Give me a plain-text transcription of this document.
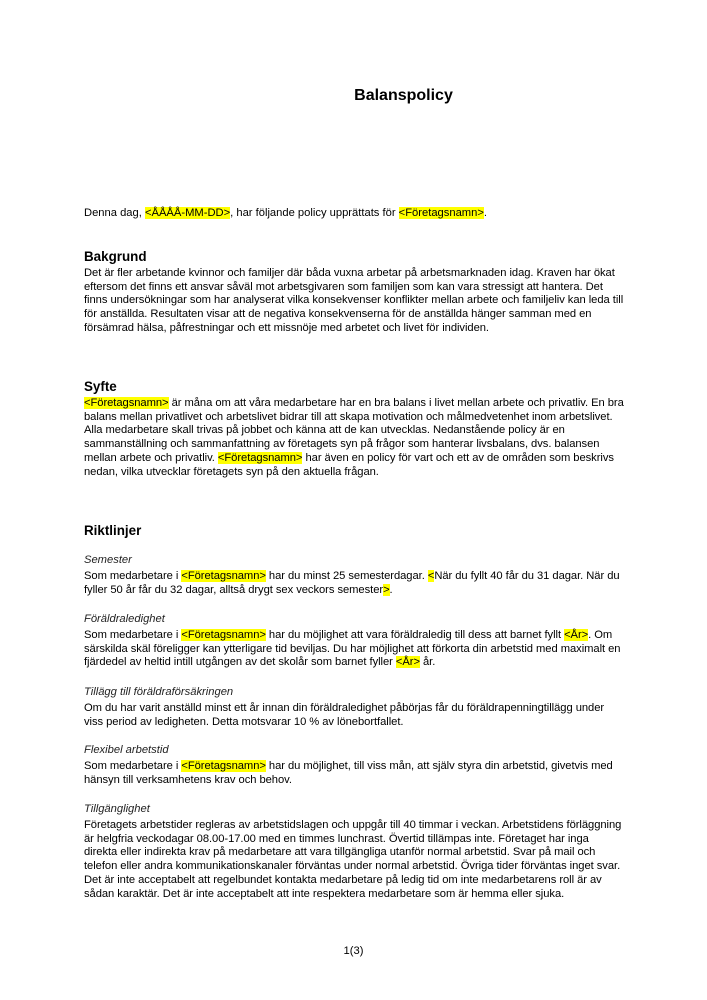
Balanspolicy
Denna dag, <ÅÅÅÅ-MM-DD>, har följande policy upprättats för <Företagsnamn>.
Bakgrund

Det är fler arbetande kvinnor och familjer där båda vuxna arbetar på arbetsmarknaden idag. Kraven har ökat eftersom det finns ett ansvar såväl mot arbetsgivaren som familjen som kan vara stressigt att hantera. Det finns undersökningar som har analyserat vilka konsekvenser konflikter mellan arbete och familjeliv kan leda till för anställda. Resultaten visar att de negativa konsekvenserna för de anställda hänger samman med en försämrad hälsa, påfrestningar och ett missnöje med arbetet och livet för individen.

Syfte

<Företagsnamn> är måna om att våra medarbetare har en bra balans i livet mellan arbete och privatliv. En bra balans mellan privatlivet och arbetslivet bidrar till att skapa motivation och målmedvetenhet inom arbetslivet. Alla medarbetare skall trivas på jobbet och känna att de kan utvecklas. Nedanstående policy är en sammanställning och sammanfattning av företagets syn på frågor som hanterar livsbalans, dvs. balansen mellan arbete och privatliv. <Företagsnamn> har även en policy för vart och ett av de områden som beskrivs nedan, vilka utvecklar företagets syn på den aktuella frågan.

Riktlinjer

Semester

Som medarbetare i <Företagsnamn> har du minst 25 semesterdagar. <När du fyllt 40 får du 31 dagar. När du fyller 50 år får du 32 dagar, alltså drygt sex veckors semester>.

Föräldraledighet

Som medarbetare i <Företagsnamn> har du möjlighet att vara föräldraledig till dess att barnet fyllt <År>. Om särskilda skäl föreligger kan ytterligare tid beviljas. Du har möjlighet att förkorta din arbetstid med maximalt en fjärdedel av heltid intill utgången av det skolår som barnet fyller <År> år.

Tillägg till föräldraförsäkringen

Om du har varit anställd minst ett år innan din föräldraledighet påbörjas får du föräldrapenningtillägg under viss period av ledigheten. Detta motsvarar 10 % av lönebortfallet.

Flexibel arbetstid

Som medarbetare i <Företagsnamn> har du möjlighet, till viss mån, att själv styra din arbetstid, givetvis med hänsyn till verksamhetens krav och behov.

Tillgänglighet

Företagets arbetstider regleras av arbetstidslagen och uppgår till 40 timmar i veckan. Arbetstidens förläggning är helgfria veckodagar 08.00-17.00 med en timmes lunchrast. Övertid tillämpas inte. Företaget har inga direkta eller indirekta krav på medarbetare att vara tillgängliga utanför normal arbetstid. Svar på mail och telefon eller andra kommunikationskanaler förväntas under normal arbetstid. Övriga tider förväntas inget svar. Det är inte acceptabelt att regelbundet kontakta medarbetare på ledig tid om inte medarbetarens roll är av sådan karaktär. Det är inte acceptabelt att inte respektera medarbetare som är hemma eller sjuka.

1(3)
